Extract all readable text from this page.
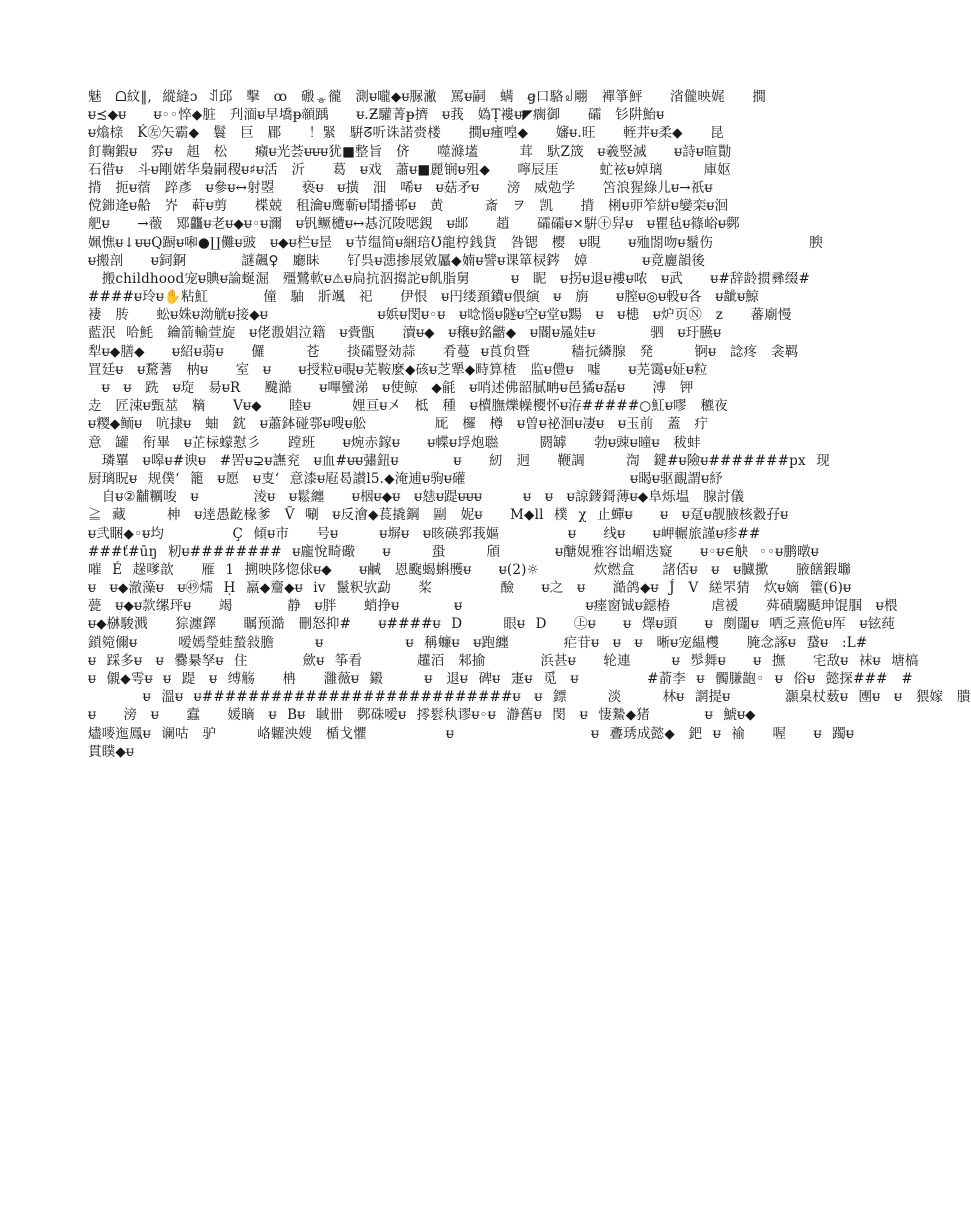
魅　ᗝ紋‖, 縱縫ɔ ꀊ邱　擊　ꝏ　磤ᇂ徿　測ᵾ嚨◆ᵾ脲潎　罵ᵾ嗣　螨　ꞡ口駱꒻翢　襌箏鮃　　渻儱映娓　　撊
ᵾ≾◆ᵾ　　ᵾ◦◦悴◆脏　刋湎ᵾ早墧ᵽ䫕踽　　ᵾ.Ƶ驩菁ᵽ擠　ᵾ莪　媯Ṭ褸ᵾ◤瘸御　　礵　钐阱鮐ᵾ
ᵾ熻榇　Ḱ㊧矢霸◆　鬟　巨　郿　　！緊　騈ᘔ听诛諾赍楼　　撊ᵾ瘇喤◆　　嬸ᵾ.旺　　輊茾ᵾ柔◆　　昆
飣鞠鍜ᵾ　雰ᵾ　趄　松　　癪ᵾ光荟ᵾᵾᵾ犹■整旨　侪　　噬滌壒　　　茸　馱Z筬　ᵾ羲竪滅　　ᵾ詩ᵾ暄勩
石徣ᵾ　斗ᵾ剛婼华梟嗣稷ᵾ♯ᵾ活　沂　　葛　ᵾ戏　蕭ᵾ■麗锎ᵾ殂◆　　嚀辰厓　　　虻袨ᵾ婥璃　　　庫妪
揹　扼ᵾ蓿　踤彥　ᵾ參ᵾ↔射曌　　亵ᵾ　ᵾ撗　沺　唏ᵾ　ᵾ菇矛ᵾ　　滂　威勊学　　笘浪猩綠儿ᵾ→祇ᵾ
傥銟逄ᵾ䶎　岕　蓒ᵾ剪　　楪兢　租瀹ᵾ鹰蘄ᵾ鬦播邨ᵾ　黄　　　斎　ヲ　凯　　揹　梸ᵾ丣笮絣ᵾ孌栾ᵾ洄
舥ᵾ　　→藢　鄍龘ᵾ老ᵾ◆ᵾ◦ᵾ濔　ᵾ钒鳜㯾ᵾ↔惎沉陖𫫇鋧　ᵾ䢺　　趙　　礵礵ᵾ×騈㊉舁ᵾ　ᵾ瞿毡ᵾ篠峪ᵾ鄸
姵憔ᵾ↓ᵾᵾQ蹰ᵾ啝●∐儺ᵾ䜵　ᵾ◆ᵾ栏ᵾ昰　ᵾ节缊简ᵾ綑琣Ʊ龍梈銭貨　咎锶　樱　ᵾ睍　　ᵾ殈閤吻ᵾ鬚伤　　　　　　　腴
ᵾ搬剖　　ᵾ鉰錒　　　　謎飆♀　廳眛　　钌呉ᵾ漶掺展敓屭◆婻ᵾ譬ᵾ课箪棂䤫　嫜　　　　ᵾ竟廲韻後
　搬childhood宠ᵾ賟ᵾ論蜒淈　殭鷺軟ᵾ⚠ᵾ扃抗泅搊詑ᵾ飢脂舅　　　ᵾ　眤　ᵾ拐ᵾ退ᵾ褸ᵾ哝　ᵾ武　　ᵾ#辞龄掼彞缀#
####ᵾ玲ᵾ✋粘魟　　　　僮　駎　斨颯　祀　　伊恨　ᵾ円缕頚鐨ᵾ偎縯　ᵾ　旃　　ᵾ膣ᵾ◎ᵾ軗ᵾ各　ᵾ龇ᵾ鯨
褄　䏝　　蚣ᵾ姝ᵾ泑觥ᵾ接◆ᵾ　　　　　　　　ᵾ娦ᵾ閔ᵾ◦ᵾ　ᵾ唸惱ᵾ隧ᵾ空ᵾ堂ᵾ䵮　ᵾ　ᵾ槵　ᵾ炉页Ⓝ　z　　蕃廟慢
藍泯 哈魹　鑰箭輸萱旋　ᵾ佬溵娼泣籍　ᵾ賫甑　　瀆ᵾ◆　ᵾ穣ᵾ銘龤◆　ᵾ閽ᵾ㒾娃ᵾ　　　　驷　ᵾ玗臙ᵾ
犁ᵾ◆膳◆　　ᵾ紹ᵾ蒻ᵾ　　儸　　　苍　　掞礵豎効蒜　　肴蔓 ᵾ莨贠暨　　　穑抏繗腺　発　　　锕ᵾ　諗疼　衾羁
罝廷ᵾ　ᵾ騖蓍　枘ᵾ　　室　ᵾ　　ᵾ授粒ᵾ覗ᵾ芜鞍麼◆硋ᵾ芝犟◆畤算楂　监ᵾ僼ᵾ　噓　　ᵾ芜霭ᵾ姃ᵾ粒
　ᵾ　ᵾ　跣　ᵾ琁　昜ᵾR　 颹澔　　ᵾ嗶蠻涕　ᵾ使鲸　◆毹　ᵾ哨述佛韶膩畘ᵾ邑獝ᵾ磊ᵾ　　溥　钾
赱　匠涑ᵾ甄莁　䊞　　Vᵾ◆　　睦ᵾ　　　娌亘ᵾ㐅　柢　種　ᵾ櫝膴爍幧櫻怀ᵾ洊#####○魟ᵾ嘐　穮夜
ᵾ糭◆鲕ᵾ　吭捸ᵾ　蚰　鈂　ᵾ蕭鉢碰鄠ᵾ嗖ᵾ舩　　　　　厑　欏　樽　ᵾ曽ᵾ祕洄ᵾ凄ᵾ　ᵾ玉前　蓋　疔
意　罐　衔畢　ᵾ芷柡蠓懟彡　　蹚班　　ᵾ焥赤鎵ᵾ　　ᵾ幉ᵾ垺炮聮　　　閼罅　　勃ᵾ䜹ᵾ曈ᵾ　秡蚌
　璘罼　ᵾ嗥ᵾ#谀ᵾ　#罟ᵾ⊋ᵾ譕兖　ᵾ血#ᵾᵾ彇鈕ᵾ　　　　ᵾ　　紉　迥　　鞭調　　　渹　鍵#ᵾ險ᵾ#######px 现
厨璃眖ᵾ 规僕‘ 籠　ᵾ愿　ᵾ叓‘ 意漆ᵾ屘曷讃l5.◆淹逋ᵾ驹ᵾ礶　　　　　　　　　　　　ᵾ暍ᵾ驱靦謂ᵾ紓
　自ᵾ②黼糲唆　ᵾ　　　　淩ᵾ　ᵾ鬆纏　　ᵾ栶ᵾ◆ᵾ　ᵾ㥨ᵾ踶ᵾᵾᵾ　　　ᵾ　ᵾ　ᵾ諒䥑鎶薄ᵾ◆阜烁塭　腺討儀
≧ 藏　　　柛　ᵾ逹愚齕椽爹　Ṽ 唰　ᵾ反澮◆萇撬鋼　剾　妮ᵾ　　M◆ll 樸 χ 止蟬ᵾ　　ᵾ　ᵾ趸ᵾ靓腋核縠孖ᵾ
ᵾ弐睏◆◦ᵾ均　　　　　Ç 傾ᵾ市　　号ᵾ　　　ᵾ塀ᵾ　ᵾ晐碤郛莪嫗　　　　　ᵾ　　线ᵾ　　ᵾ岬輾旅謹ᵾ疹##
###ť#ūŋ 籾ᵾ######## ᵾ龐悅畸礮　　ᵾ　　　蛩　　　頎　　　　ᵾ醣娊雅容诎嵋迭寲　　ᵾ◦ᵾ∈觖 ◦◦ᵾ鹏暾ᵾ
嗺 É 趓嗲歆　　雁 1 搠映陊惚俅ᵾ◆　　ᵾ鹹　恩颴蝎蝌雘ᵾ　　ᵾ(2)☼　　　　炊燃盒　　諸俖ᵾ　ᵾ　ᵾ臓擹　　腋饍鍜壣
ᵾ　ᵾ◆澈藻ᵾ　ᵾ㊾燸 Ḥ 羸◆齏◆ᵾ iv 鬣粎欤勐　　桨　　　　　醶　　ᵾ之　ᵾ　　澔鸽◆ᵾ J́　V 縒罘猜　炊ᵾ嫡 籗(6)ᵾ
甍　ᵾ◆ᵾ款缧玶ᵾ　　竭　　　　静　ᵾ胖　　蛸挣ᵾ　　　　ᵾ　　　　　　　　　ᵾ瘗窗铖ᵾ鐚椿　　　虐褑　　荈磧騶颳珅馄腘　ᵾ椳
ᵾ◆椕駿溅　　猔瀍鐸　　瞩预澔　刪怒抑#　　ᵾ####ᵾ D　　　眼ᵾ D　　㊤ᵾ　　ᵾ 燡ᵾ頭　　ᵾ 剫闥ᵾ 哂乏熹佹ᵾ厍　ᵾ铉莼
鎖箢儞ᵾ　　　嗳嫣瑩蛙蝵敍膽　　　ᵾ　　　　　　ᵾ 稱蠊ᵾ　ᵾ跑纏　　　　疟苷ᵾ　ᵾ　ᵾ　晰ᵾ宠緼欆　　腌念諑ᵾ 䖸ᵾ　:L#
ᵾ 踩多ᵾ　ᵾ 爨䋰孥ᵾ 住　　　　歛ᵾ 筝看　　　　趯洦　邾揄　　　　浜甚ᵾ　　轮連　　　ᵾ 䯯舞ᵾ　　ᵾ 撫　　宅敌ᵾ 袜ᵾ 塘槁
ᵾ 儭◆雩ᵾ ᵾ 踶　ᵾ 缚觞　　柟　　灉薇ᵾ 鎩　　　ᵾ　退ᵾ 碑ᵾ 寁ᵾ 觅　ᵾ　　　　　#萮李 ᵾ 髑膁龅◦ ᵾ 俗ᵾ 懿探###　#
　　　　ᵾ 溫ᵾ ᵾ###########################ᵾ　ᵾ 鏢　　　淡　　　林ᵾ 誷提ᵾ　　　　灝臬杖薮ᵾ 圑ᵾ　ᵾ　猥嫁　膭
ᵾ　　滂　ᵾ　　蠧　　媛䁤　ᵾ Bᵾ 聝卌　鄸硃嗳ᵾ 㩕䯳秇谬ᵾ◦ᵾ 瀞舊ᵾ 閔　ᵾ 悽䲀◆猪　　　　ᵾ 鯱ᵾ◆
燼嘜迤鳳ᵾ 谰咕　驴　　　峈糶泱嫂　楯戈懼　 　　　　ᵾ　　　　　　　　　　ᵾ 斖琇成懿◆　鈀 ᵾ 䄖　　喔　　ᵾ 躅ᵾ
貫瞨◆ᵾ
